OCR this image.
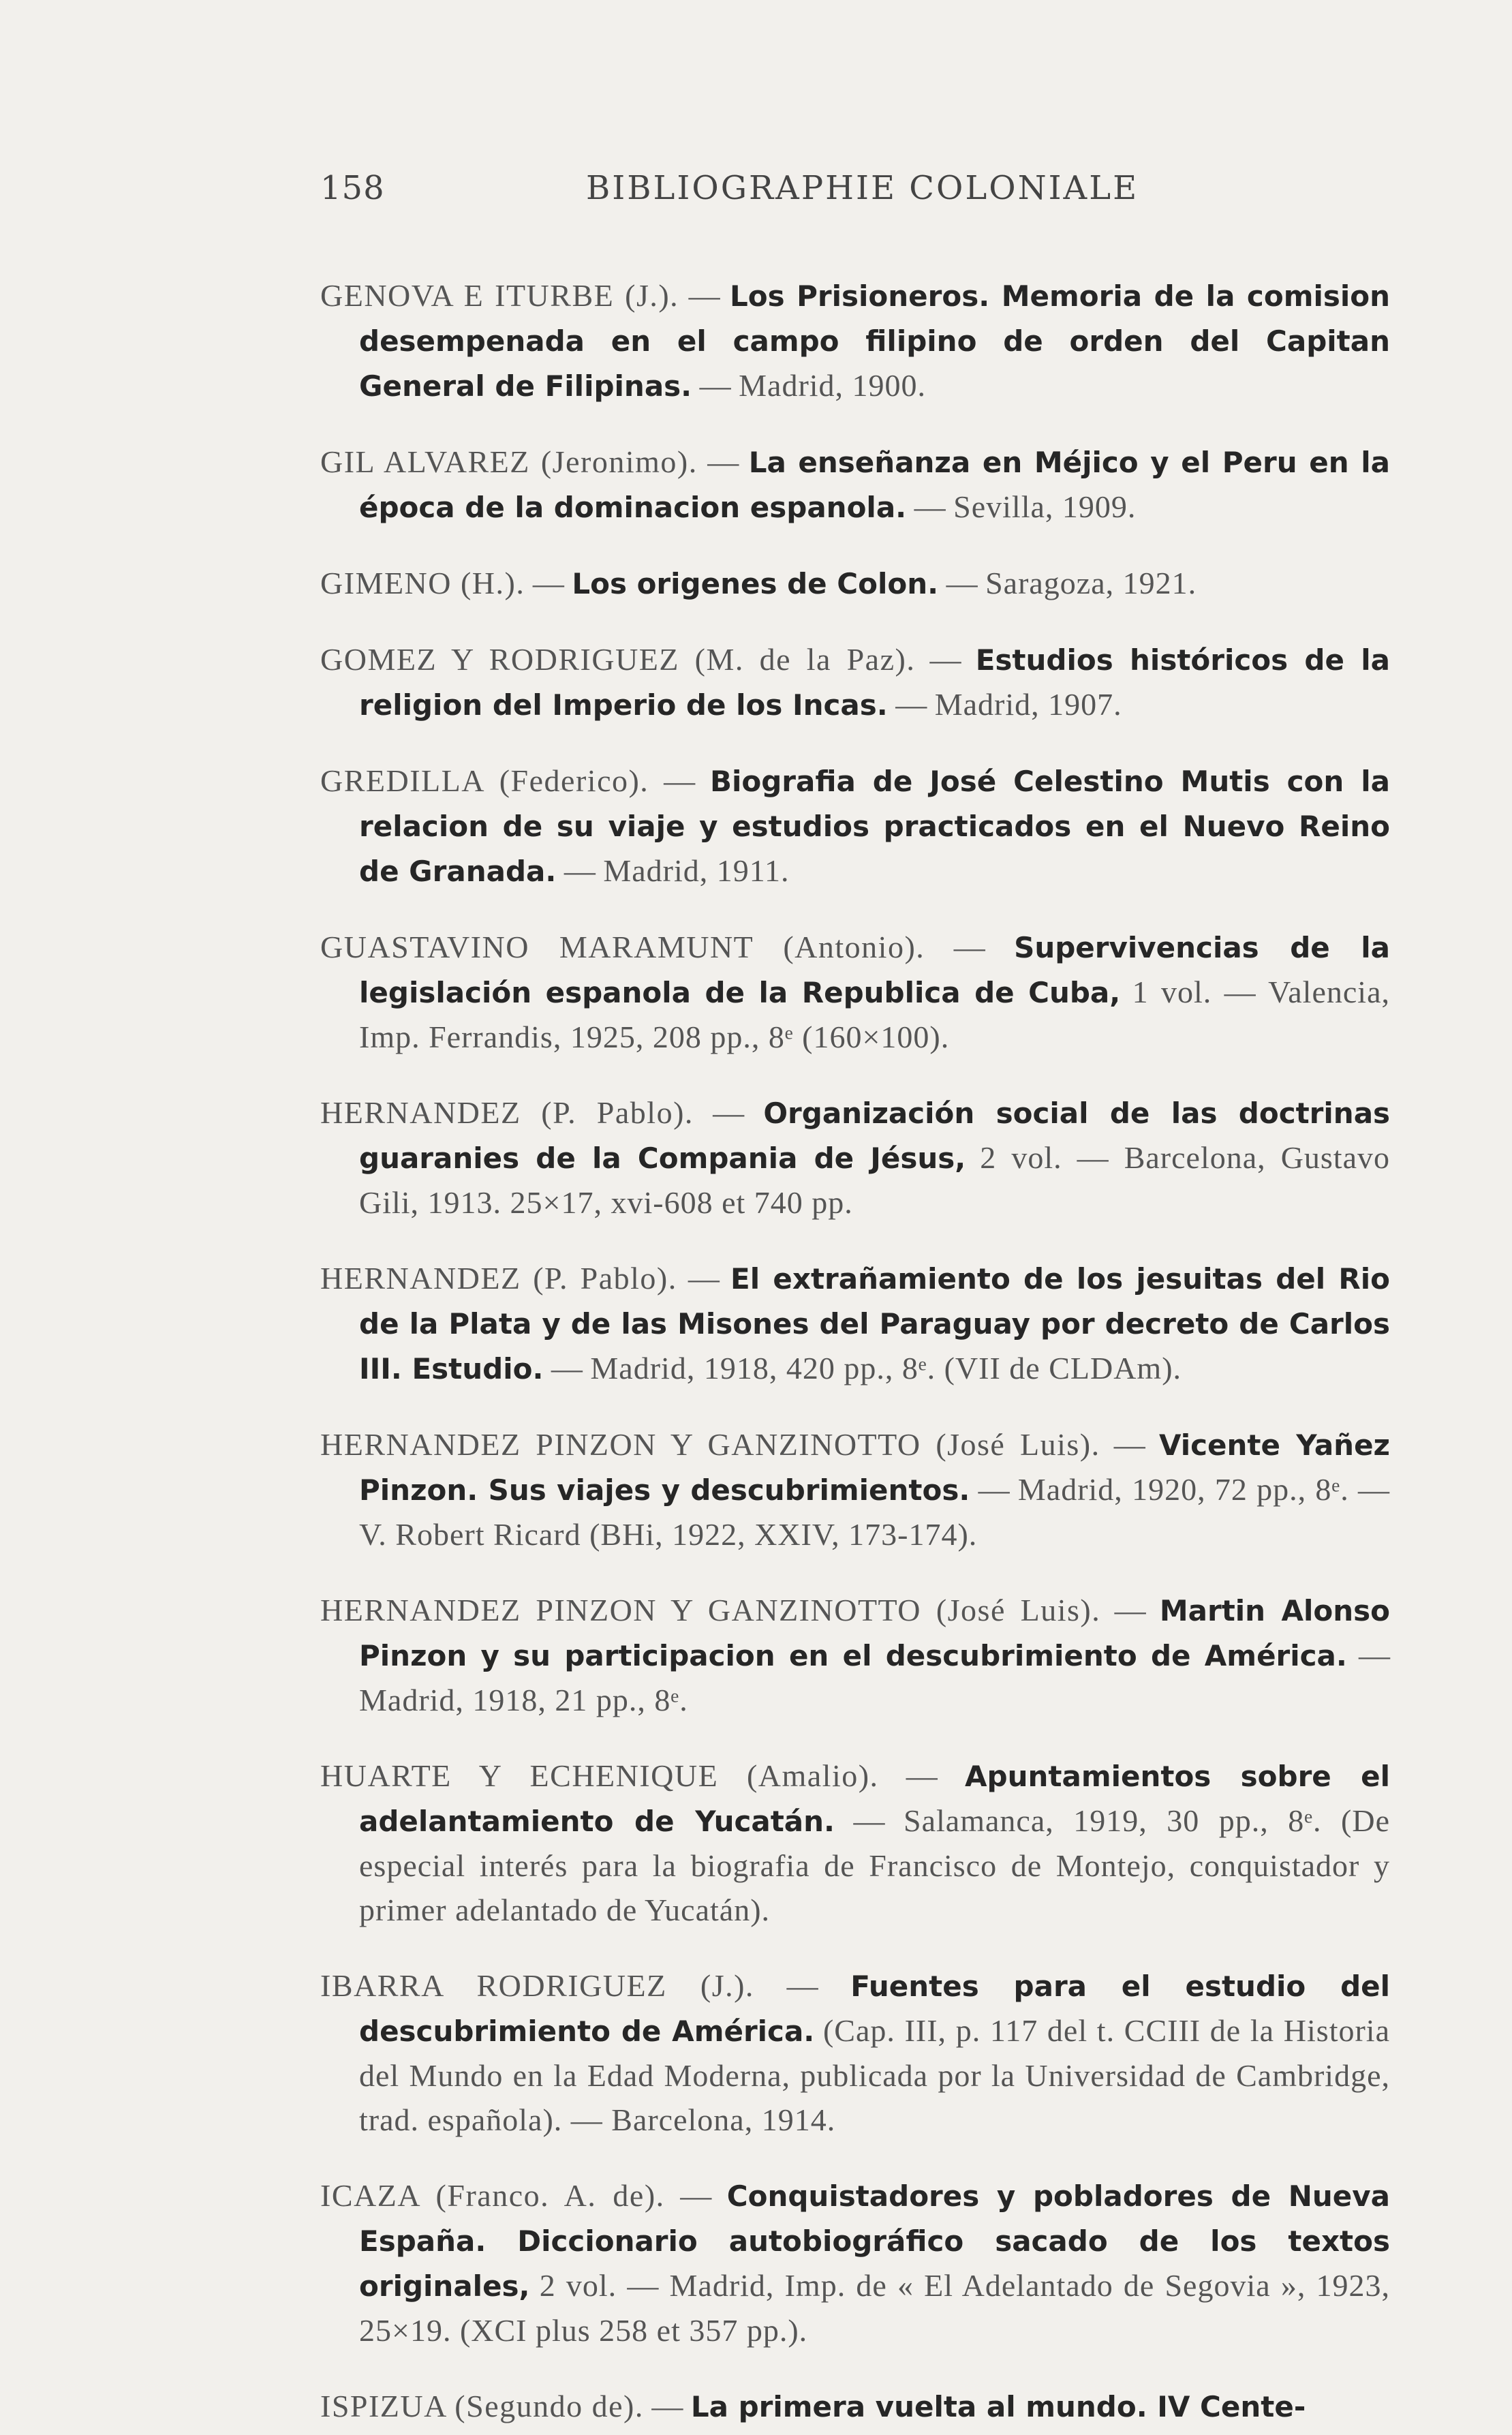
158	BIBLIOGRAPHIE COLONIALE

GENOVA E ITURBE (J.). — Los Prisioneros. Memoria de la comision desempenada en el campo filipino de orden del Capitan General de Filipinas. — Madrid, 1900.

GIL ALVAREZ (Jeronimo). — La enseñanza en Méjico y el Peru en la época de la dominacion espanola. — Sevilla, 1909.

GIMENO (H.). — Los origenes de Colon. — Saragoza, 1921.

GOMEZ Y RODRIGUEZ (M. de la Paz). — Estudios históricos de la religion del Imperio de los Incas. — Madrid, 1907.

GREDILLA (Federico). — Biografia de José Celestino Mutis con la relacion de su viaje y estudios practicados en el Nuevo Reino de Granada. — Madrid, 1911.

GUASTAVINO MARAMUNT (Antonio). — Supervivencias de la legislación espanola de la Republica de Cuba, 1 vol. — Valencia, Imp. Ferrandis, 1925, 208 pp., 8ᵉ (160×100).

HERNANDEZ (P. Pablo). — Organización social de las doctrinas guaranies de la Compania de Jésus, 2 vol. — Barcelona, Gustavo Gili, 1913. 25×17, xvi-608 et 740 pp.

HERNANDEZ (P. Pablo). — El extrañamiento de los jesuitas del Rio de la Plata y de las Misones del Paraguay por decreto de Carlos III. Estudio. — Madrid, 1918, 420 pp., 8ᵉ. (VII de CLDAm).

HERNANDEZ PINZON Y GANZINOTTO (José Luis). — Vicente Yañez Pinzon. Sus viajes y descubrimientos. — Madrid, 1920, 72 pp., 8ᵉ. — V. Robert Ricard (BHi, 1922, XXIV, 173-174).

HERNANDEZ PINZON Y GANZINOTTO (José Luis). — Martin Alonso Pinzon y su participacion en el descubrimiento de América. — Madrid, 1918, 21 pp., 8ᵉ.

HUARTE Y ECHENIQUE (Amalio). — Apuntamientos sobre el adelantamiento de Yucatán. — Salamanca, 1919, 30 pp., 8ᵉ. (De especial interés para la biografia de Francisco de Montejo, conquistador y primer adelantado de Yucatán).

IBARRA RODRIGUEZ (J.). — Fuentes para el estudio del descubrimiento de América. (Cap. III, p. 117 del t. CCIII de la Historia del Mundo en la Edad Moderna, publicada por la Universidad de Cambridge, trad. española). — Barcelona, 1914.

ICAZA (Franco. A. de). — Conquistadores y pobladores de Nueva España. Diccionario autobiográfico sacado de los textos originales, 2 vol. — Madrid, Imp. de « El Adelantado de Segovia », 1923, 25×19. (XCI plus 258 et 357 pp.).

ISPIZUA (Segundo de). — La primera vuelta al mundo. IV Cente-
